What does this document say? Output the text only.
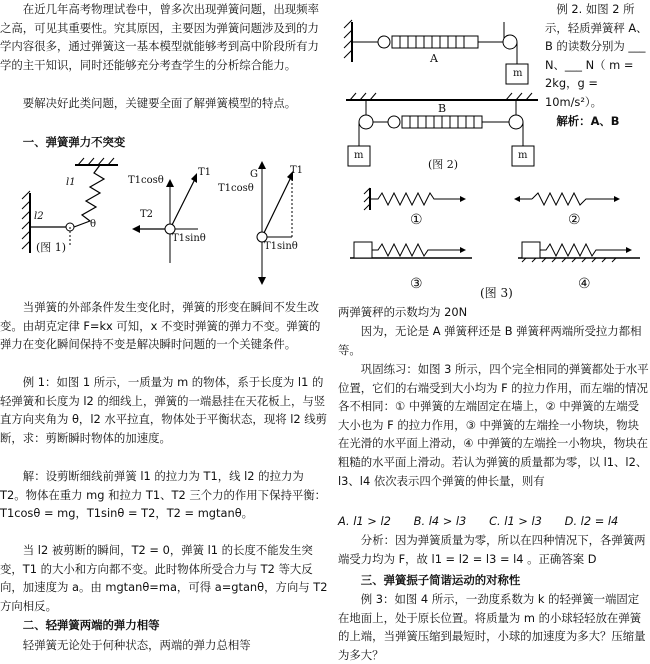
在近几年高考物理试卷中，曾多次出现弹簧问题，出现频率之高，可见其重要性。究其原因，主要因为弹簧问题涉及到的力学内容很多，通过弹簧这一基本模型就能够考到高中阶段所有力学的主干知识，同时还能够充分考查学生的分析综合能力。

要解决好此类问题，关键要全面了解弹簧模型的特点。

一、弹簧弹力不突变

l1
l2
θ
(图 1)
T1cosθ
T1
T2
T1sinθ
G
T1cosθ
T1
T1sinθ

当弹簧的外部条件发生变化时，弹簧的形变在瞬间不发生改变。由胡克定律 F=kx 可知，x 不变时弹簧的弹力不变。弹簧的弹力在变化瞬间保持不变是解决瞬时问题的一个关键条件。

例 1：如图 1 所示，一质量为 m 的物体，系于长度为 l1 的轻弹簧和长度为 l2 的细线上，弹簧的一端悬挂在天花板上，与竖直方向夹角为 θ，l2 水平拉直，物体处于平衡状态，现将 l2 线剪断，求：剪断瞬时物体的加速度。

解：设剪断细线前弹簧 l1 的拉力为 T1，线 l2 的拉力为 T2。物体在重力 mg 和拉力 T1、T2 三个力的作用下保持平衡：T1cosθ = mg，T1sinθ = T2，T2 = mgtanθ。

当 l2 被剪断的瞬间，T2 = 0，弹簧 l1 的长度不能发生突变，T1 的大小和方向都不变。此时物体所受合力与 T2 等大反向，加速度为 a。由 mgtanθ=ma，可得 a=gtanθ，方向与 T2 方向相反。

二、轻弹簧两端的弹力相等

轻弹簧无论处于何种状态，两端的弹力总相等

A
m
B
m	m
(图 2)

例 2. 如图 2 所示，轻质弹簧秤 A、B 的读数分别为 ___ N、___ N（ m = 2kg，g = 10m/s²）。

解析：A、B

①	②
③
(图 3)
④

两弹簧秤的示数均为 20N

因为，无论是 A 弹簧秤还是 B 弹簧秤两端所受拉力都相等。

巩固练习：如图 3 所示，四个完全相同的弹簧都处于水平位置，它们的右端受到大小均为 F 的拉力作用，而左端的情况各不相同：① 中弹簧的左端固定在墙上，② 中弹簧的左端受大小也为 F 的拉力作用，③ 中弹簧的左端拴一小物块，物块在光滑的水平面上滑动，④ 中弹簧的左端拴一小物块，物块在粗糙的水平面上滑动。若认为弹簧的质量都为零，以 l1、l2、l3、l4 依次表示四个弹簧的伸长量，则有

A. l1 > l2　　B. l4 > l3　　C. l1 > l3　　D. l2 = l4

分析：因为弹簧质量为零，所以在四种情况下，各弹簧两端受力均为 F，故 l1 = l2 = l3 = l4 。正确答案 D

三、弹簧振子简谐运动的对称性

例 3：如图 4 所示，一劲度系数为 k 的轻弹簧一端固定在地面上，处于原长位置。将质量为 m 的小球轻轻放在弹簧的上端，当弹簧压缩到最短时，小球的加速度为多大？压缩量为多大？
